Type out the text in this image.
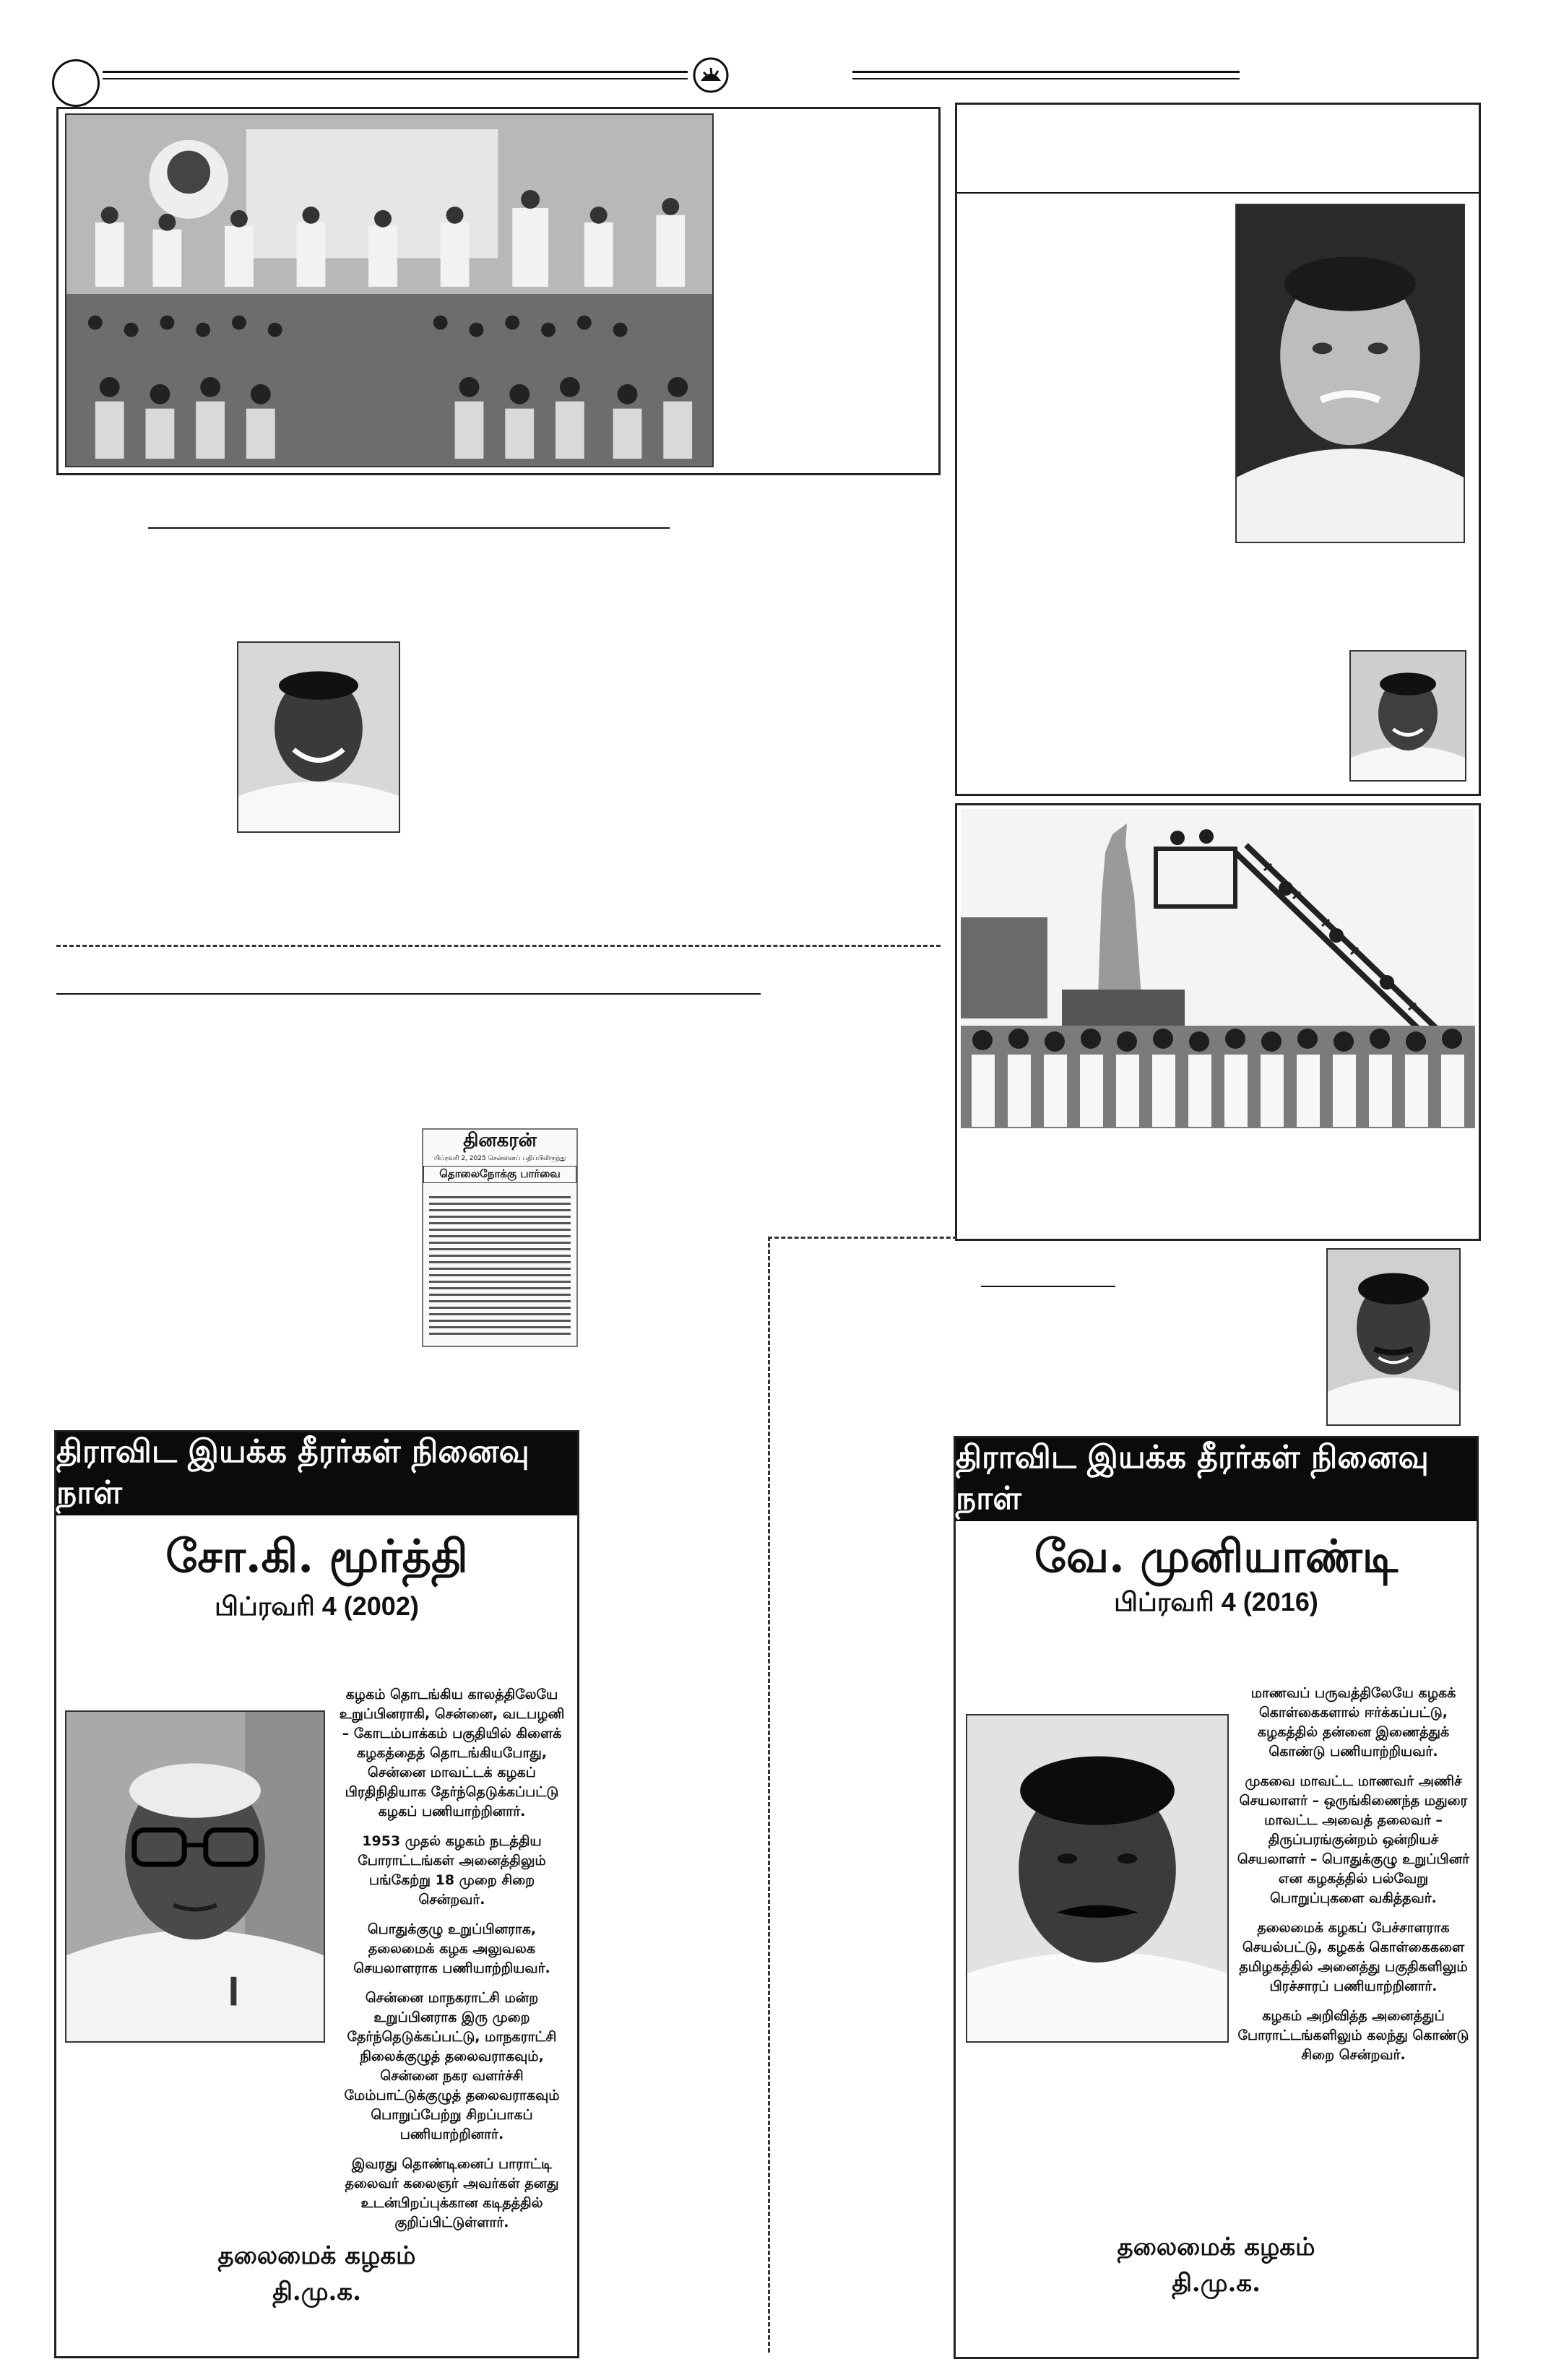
தினகரன்
பிப்ரவரி 2, 2025 சென்னைப் பதிப்பிலிருந்து
தொலைநோக்கு பார்வை
திராவிட இயக்க தீரர்கள் நினைவு நாள்
சோ.கி. மூர்த்தி
பிப்ரவரி 4 (2002)

கழகம் தொடங்கிய காலத்திலேயே உறுப்பினராகி, சென்னை, வடபழனி – கோடம்பாக்கம் பகுதியில் கிளைக் கழகத்தைத் தொடங்கியபோது, சென்னை மாவட்டக் கழகப் பிரதிநிதியாக தேர்ந்தெடுக்கப்பட்டு கழகப் பணியாற்றினார்.

1953 முதல் கழகம் நடத்திய போராட்டங்கள் அனைத்திலும் பங்கேற்று 18 முறை சிறை சென்றவர்.

பொதுக்குழு உறுப்பினராக, தலைமைக் கழக அலுவலக செயலாளராக பணியாற்றியவர்.

சென்னை மாநகராட்சி மன்ற உறுப்பினராக இரு முறை தேர்ந்தெடுக்கப்பட்டு, மாநகராட்சி நிலைக்குழுத் தலைவராகவும், சென்னை நகர வளர்ச்சி மேம்பாட்டுக்குழுத் தலைவராகவும் பொறுப்பேற்று சிறப்பாகப் பணியாற்றினார்.

இவரது தொண்டினைப் பாராட்டி தலைவர் கலைஞர் அவர்கள் தனது உடன்பிறப்புக்கான கடிதத்தில் குறிப்பிட்டுள்ளார்.

தலைமைக் கழகம்
தி.மு.க.
திராவிட இயக்க தீரர்கள் நினைவு நாள்
வே. முனியாண்டி
பிப்ரவரி 4 (2016)

மாணவப் பருவத்திலேயே கழகக் கொள்கைகளால் ஈர்க்கப்பட்டு, கழகத்தில் தன்னை இணைத்துக் கொண்டு பணியாற்றியவர்.

முகவை மாவட்ட மாணவர் அணிச் செயலாளர் – ஒருங்கிணைந்த மதுரை மாவட்ட அவைத் தலைவர் – திருப்பரங்குன்றம் ஒன்றியச் செயலாளர் – பொதுக்குழு உறுப்பினர் என கழகத்தில் பல்வேறு பொறுப்புகளை வகித்தவர்.

தலைமைக் கழகப் பேச்சாளராக செயல்பட்டு, கழகக் கொள்கைகளை தமிழகத்தில் அனைத்து பகுதிகளிலும் பிரச்சாரப் பணியாற்றினார்.

கழகம் அறிவித்த அனைத்துப் போராட்டங்களிலும் கலந்து கொண்டு சிறை சென்றவர்.

தலைமைக் கழகம்
தி.மு.க.
